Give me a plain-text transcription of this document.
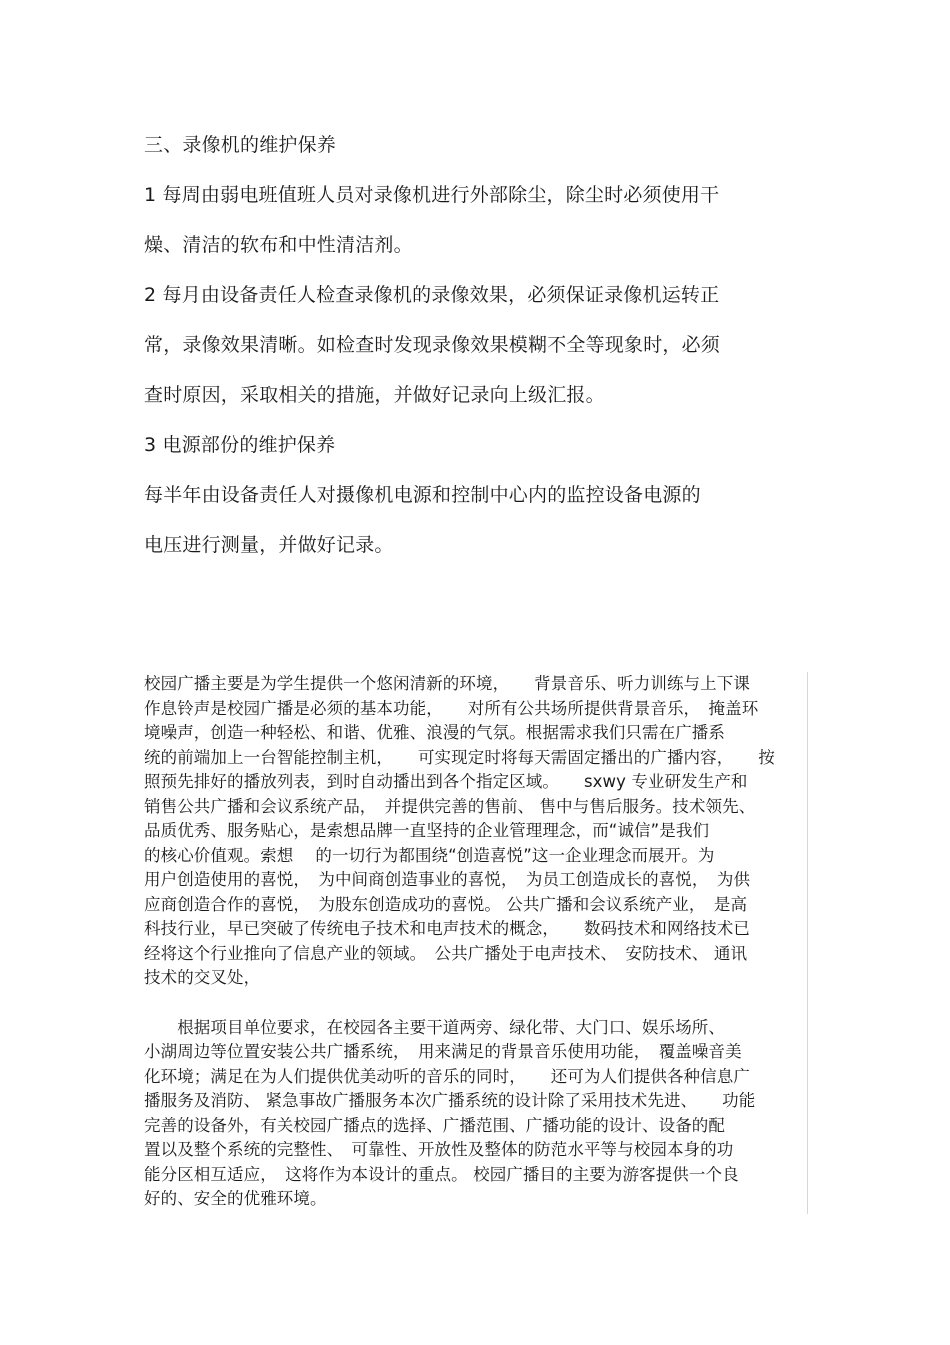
三、录像机的维护保养
1 每周由弱电班值班人员对录像机进行外部除尘，除尘时必须使用干
燥、清洁的软布和中性清洁剂。
2 每月由设备责任人检查录像机的录像效果，必须保证录像机运转正
常，录像效果清晰。如检查时发现录像效果模糊不全等现象时，必须
查时原因，采取相关的措施，并做好记录向上级汇报。
3 电源部份的维护保养
每半年由设备责任人对摄像机电源和控制中心内的监控设备电源的
电压进行测量，并做好记录。
校园广播主要是为学生提供一个悠闲清新的环境，　　背景音乐、听力训练与上下课
作息铃声是校园广播是必须的基本功能，　　对所有公共场所提供背景音乐，　掩盖环
境噪声，创造一种轻松、和谐、优雅、浪漫的气氛。根据需求我们只需在广播系
统的前端加上一台智能控制主机，　　可实现定时将每天需固定播出的广播内容，　　按
照预先排好的播放列表，到时自动播出到各个指定区域。　　sxwy 专业研发生产和
销售公共广播和会议系统产品，　并提供完善的售前、 售中与售后服务。技术领先、
品质优秀、服务贴心，是索想品牌一直坚持的企业管理理念，而“诚信”是我们
的核心价值观。索想　 的一切行为都围绕“创造喜悦”这一企业理念而展开。为
用户创造使用的喜悦，　为中间商创造事业的喜悦，　为员工创造成长的喜悦，　为供
应商创造合作的喜悦，　为股东创造成功的喜悦。 公共广播和会议系统产业，　是高
科技行业，早已突破了传统电子技术和电声技术的概念，　　数码技术和网络技术已
经将这个行业推向了信息产业的领域。　公共广播处于电声技术、　安防技术、 通讯
技术的交叉处，
　　根据项目单位要求，在校园各主要干道两旁、绿化带、大门口、娱乐场所、
小湖周边等位置安装公共广播系统，　用来满足的背景音乐使用功能，　覆盖噪音美
化环境；满足在为人们提供优美动听的音乐的同时，　　还可为人们提供各种信息广
播服务及消防、 紧急事故广播服务本次广播系统的设计除了采用技术先进、　　功能
完善的设备外，有关校园广播点的选择、广播范围、广播功能的设计、设备的配
置以及整个系统的完整性、　可靠性、开放性及整体的防范水平等与校园本身的功
能分区相互适应，　这将作为本设计的重点。 校园广播目的主要为游客提供一个良
好的、安全的优雅环境。
